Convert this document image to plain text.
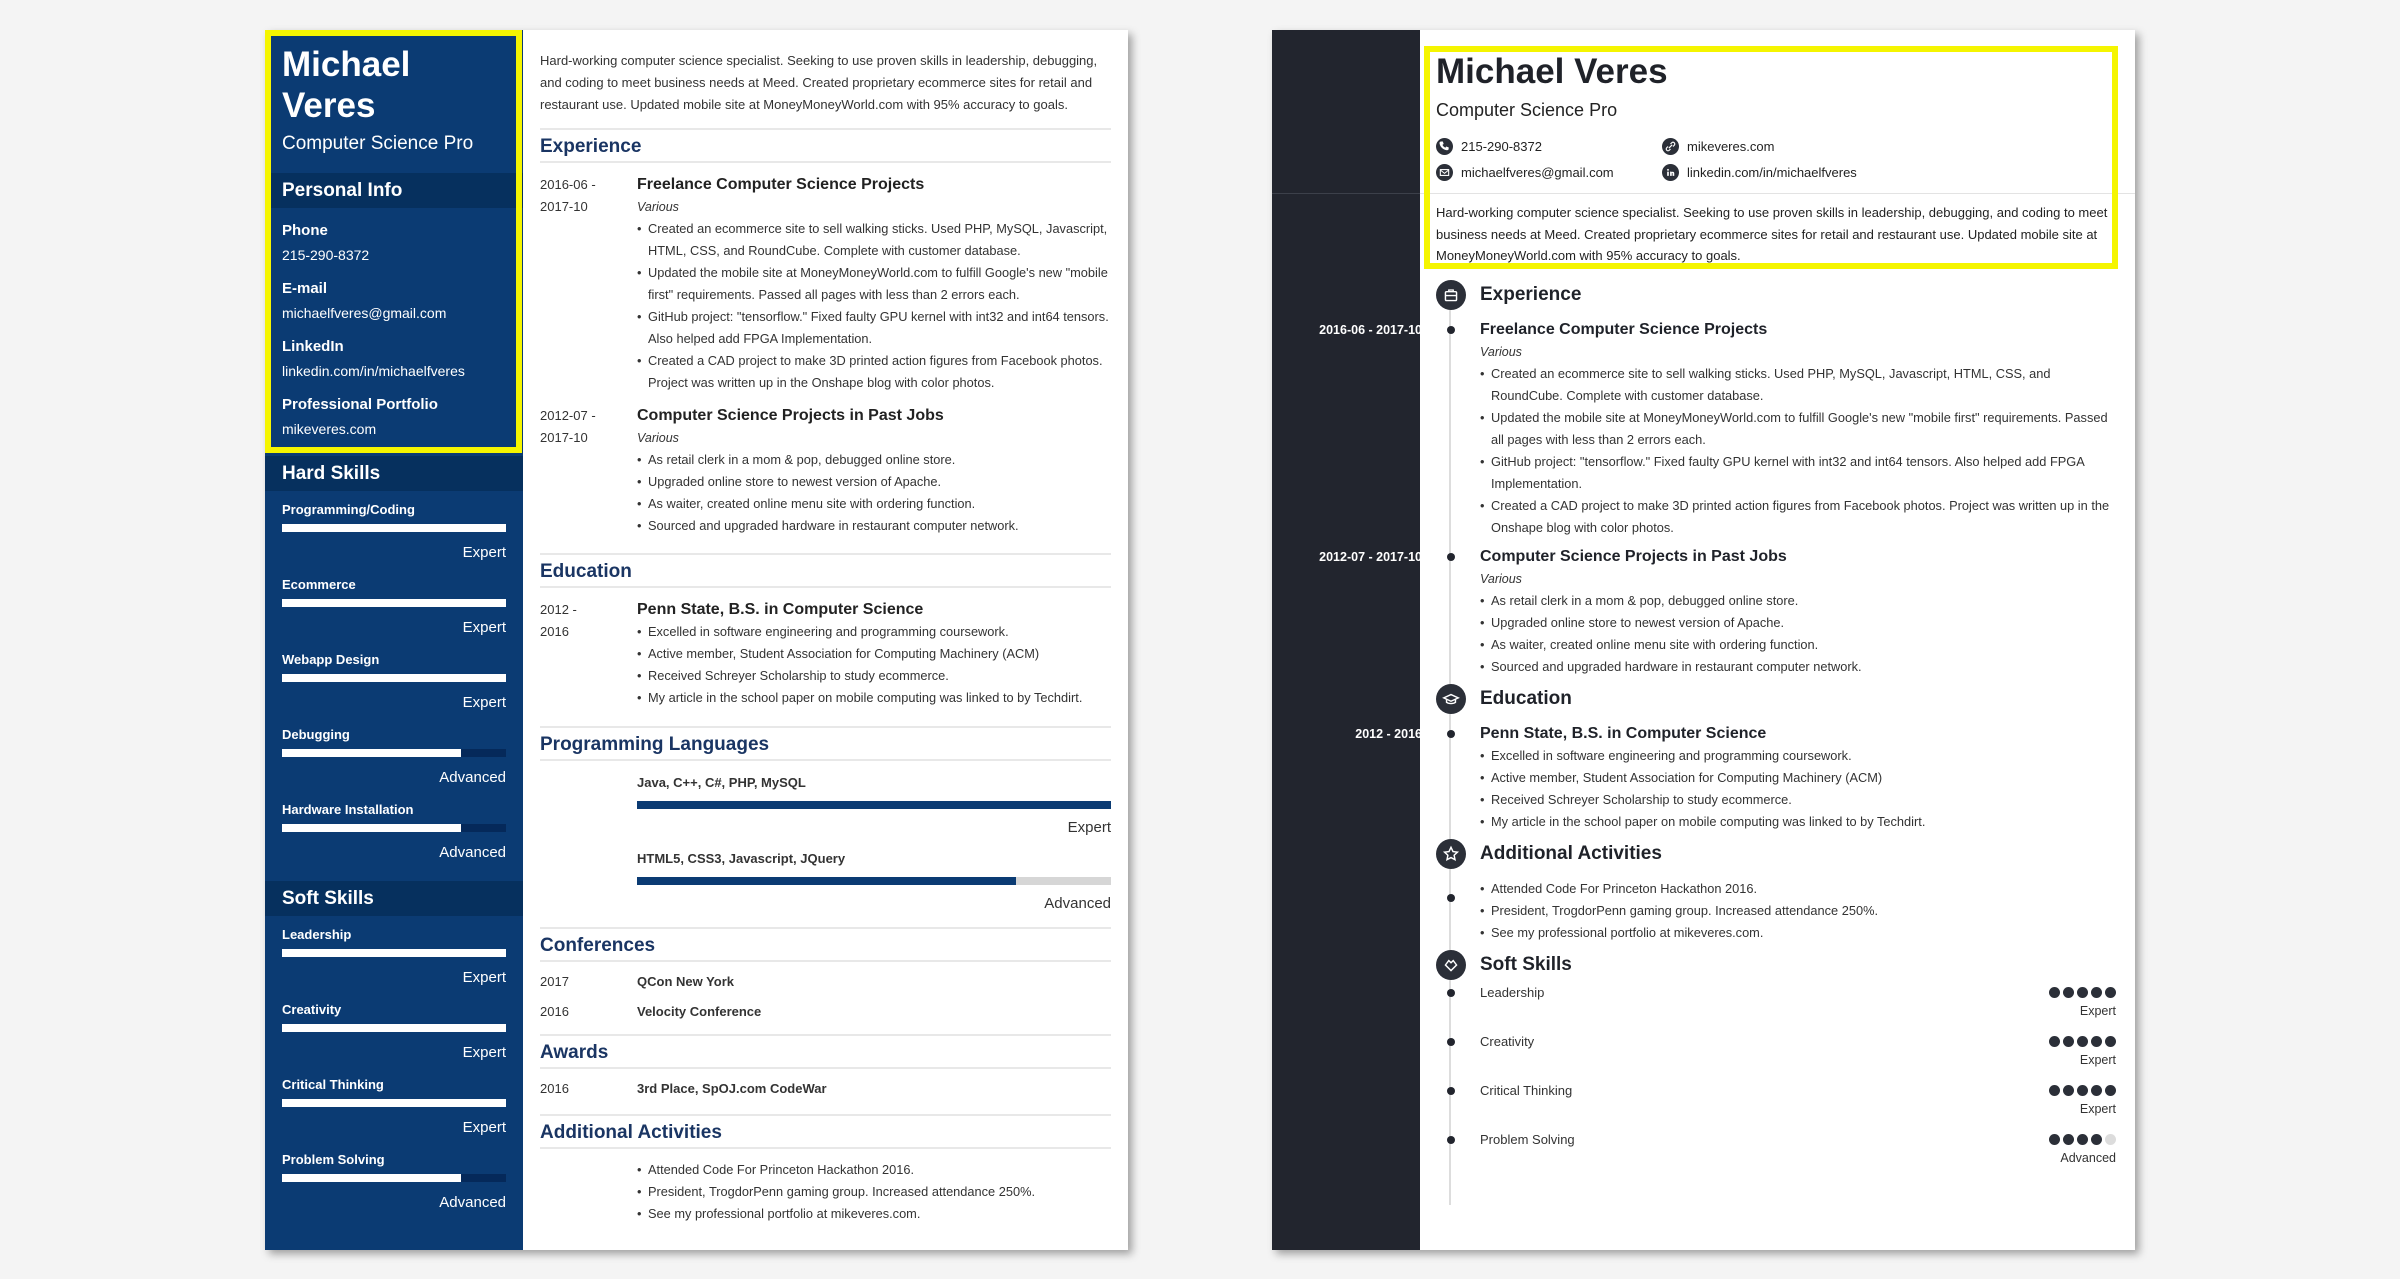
Michael
Veres
Computer Science Pro
Personal Info
Phone
215-290-8372
E-mail
michaelfveres@gmail.com
LinkedIn
linkedin.com/in/michaelfveres
Professional Portfolio
mikeveres.com
Hard Skills
Programming/Coding
Expert
Ecommerce
Expert
Webapp Design
Expert
Debugging
Advanced
Hardware Installation
Advanced
Soft Skills
Leadership
Expert
Creativity
Expert
Critical Thinking
Expert
Problem Solving
Advanced
Hard-working computer science specialist. Seeking to use proven skills in leadership, debugging, and coding to meet business needs at Meed. Created proprietary ecommerce sites for retail and restaurant use. Updated mobile site at MoneyMoneyWorld.com with 95% accuracy to goals.
Experience
2016-06 -
2017-10
Freelance Computer Science Projects
Various
• Created an ecommerce site to sell walking sticks. Used PHP, MySQL, Javascript, HTML, CSS, and RoundCube. Complete with customer database.
• Updated the mobile site at MoneyMoneyWorld.com to fulfill Google's new "mobile first" requirements. Passed all pages with less than 2 errors each.
• GitHub project: "tensorflow." Fixed faulty GPU kernel with int32 and int64 tensors. Also helped add FPGA Implementation.
• Created a CAD project to make 3D printed action figures from Facebook photos. Project was written up in the Onshape blog with color photos.
2012-07 -
2017-10
Computer Science Projects in Past Jobs
Various
• As retail clerk in a mom & pop, debugged online store.
• Upgraded online store to newest version of Apache.
• As waiter, created online menu site with ordering function.
• Sourced and upgraded hardware in restaurant computer network.
Education
2012 -
2016
Penn State, B.S. in Computer Science
• Excelled in software engineering and programming coursework.
• Active member, Student Association for Computing Machinery (ACM)
• Received Schreyer Scholarship to study ecommerce.
• My article in the school paper on mobile computing was linked to by Techdirt.
Programming Languages
Java, C++, C#, PHP, MySQL
Expert
HTML5, CSS3, Javascript, JQuery
Advanced
Conferences
2017	QCon New York
2016	Velocity Conference
Awards
2016	3rd Place, SpOJ.com CodeWar
Additional Activities
• Attended Code For Princeton Hackathon 2016.
• President, TrogdorPenn gaming group. Increased attendance 250%.
• See my professional portfolio at mikeveres.com.
Michael Veres
Computer Science Pro
215-290-8372	mikeveres.com
michaelfveres@gmail.com	linkedin.com/in/michaelfveres
Hard-working computer science specialist. Seeking to use proven skills in leadership, debugging, and coding to meet business needs at Meed. Created proprietary ecommerce sites for retail and restaurant use. Updated mobile site at MoneyMoneyWorld.com with 95% accuracy to goals.
Experience
2016-06 - 2017-10	Freelance Computer Science Projects
Various
• Created an ecommerce site to sell walking sticks. Used PHP, MySQL, Javascript, HTML, CSS, and RoundCube. Complete with customer database.
• Updated the mobile site at MoneyMoneyWorld.com to fulfill Google's new "mobile first" requirements. Passed all pages with less than 2 errors each.
• GitHub project: "tensorflow." Fixed faulty GPU kernel with int32 and int64 tensors. Also helped add FPGA Implementation.
• Created a CAD project to make 3D printed action figures from Facebook photos. Project was written up in the Onshape blog with color photos.
2012-07 - 2017-10	Computer Science Projects in Past Jobs
Various
• As retail clerk in a mom & pop, debugged online store.
• Upgraded online store to newest version of Apache.
• As waiter, created online menu site with ordering function.
• Sourced and upgraded hardware in restaurant computer network.
Education
2012 - 2016	Penn State, B.S. in Computer Science
• Excelled in software engineering and programming coursework.
• Active member, Student Association for Computing Machinery (ACM)
• Received Schreyer Scholarship to study ecommerce.
• My article in the school paper on mobile computing was linked to by Techdirt.
Additional Activities
• Attended Code For Princeton Hackathon 2016.
• President, TrogdorPenn gaming group. Increased attendance 250%.
• See my professional portfolio at mikeveres.com.
Soft Skills
Leadership
Expert
Creativity
Expert
Critical Thinking
Expert
Problem Solving
Advanced
